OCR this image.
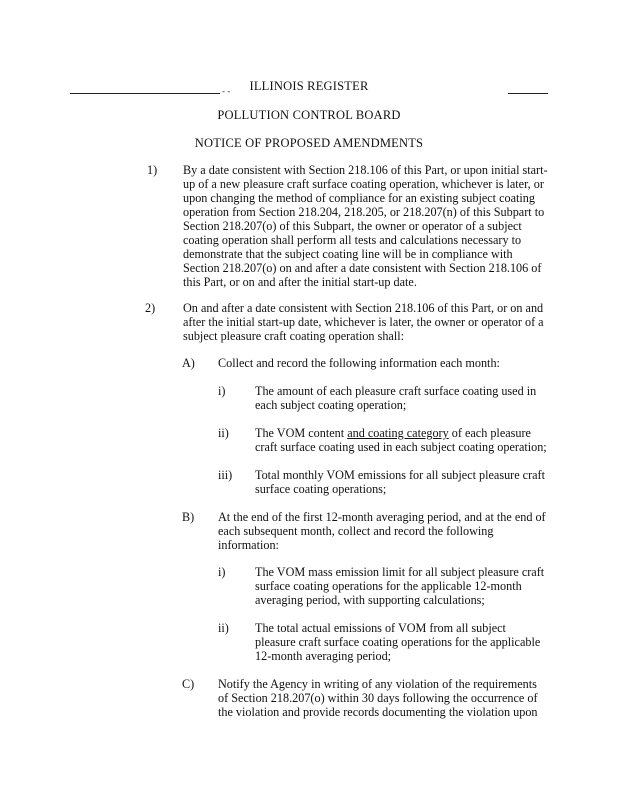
- -	ILLINOIS REGISTER
POLLUTION CONTROL BOARD
NOTICE OF PROPOSED AMENDMENTS
1) By a date consistent with Section 218.106 of this Part, or upon initial start-
up of a new pleasure craft surface coating operation, whichever is later, or
upon changing the method of compliance for an existing subject coating
operation from Section 218.204, 218.205, or 218.207(n) of this Subpart to
Section 218.207(o) of this Subpart, the owner or operator of a subject
coating operation shall perform all tests and calculations necessary to
demonstrate that the subject coating line will be in compliance with
Section 218.207(o) on and after a date consistent with Section 218.106 of
this Part, or on and after the initial start-up date.
2) On and after a date consistent with Section 218.106 of this Part, or on and
after the initial start-up date, whichever is later, the owner or operator of a
subject pleasure craft coating operation shall:
A) Collect and record the following information each month:
i) The amount of each pleasure craft surface coating used in
each subject coating operation;
ii) The VOM content and coating category of each pleasure
craft surface coating used in each subject coating operation;
iii) Total monthly VOM emissions for all subject pleasure craft
surface coating operations;
B) At the end of the first 12-month averaging period, and at the end of
each subsequent month, collect and record the following
information:
i) The VOM mass emission limit for all subject pleasure craft
surface coating operations for the applicable 12-month
averaging period, with supporting calculations;
ii) The total actual emissions of VOM from all subject
pleasure craft surface coating operations for the applicable
12-month averaging period;
C) Notify the Agency in writing of any violation of the requirements
of Section 218.207(o) within 30 days following the occurrence of
the violation and provide records documenting the violation upon
